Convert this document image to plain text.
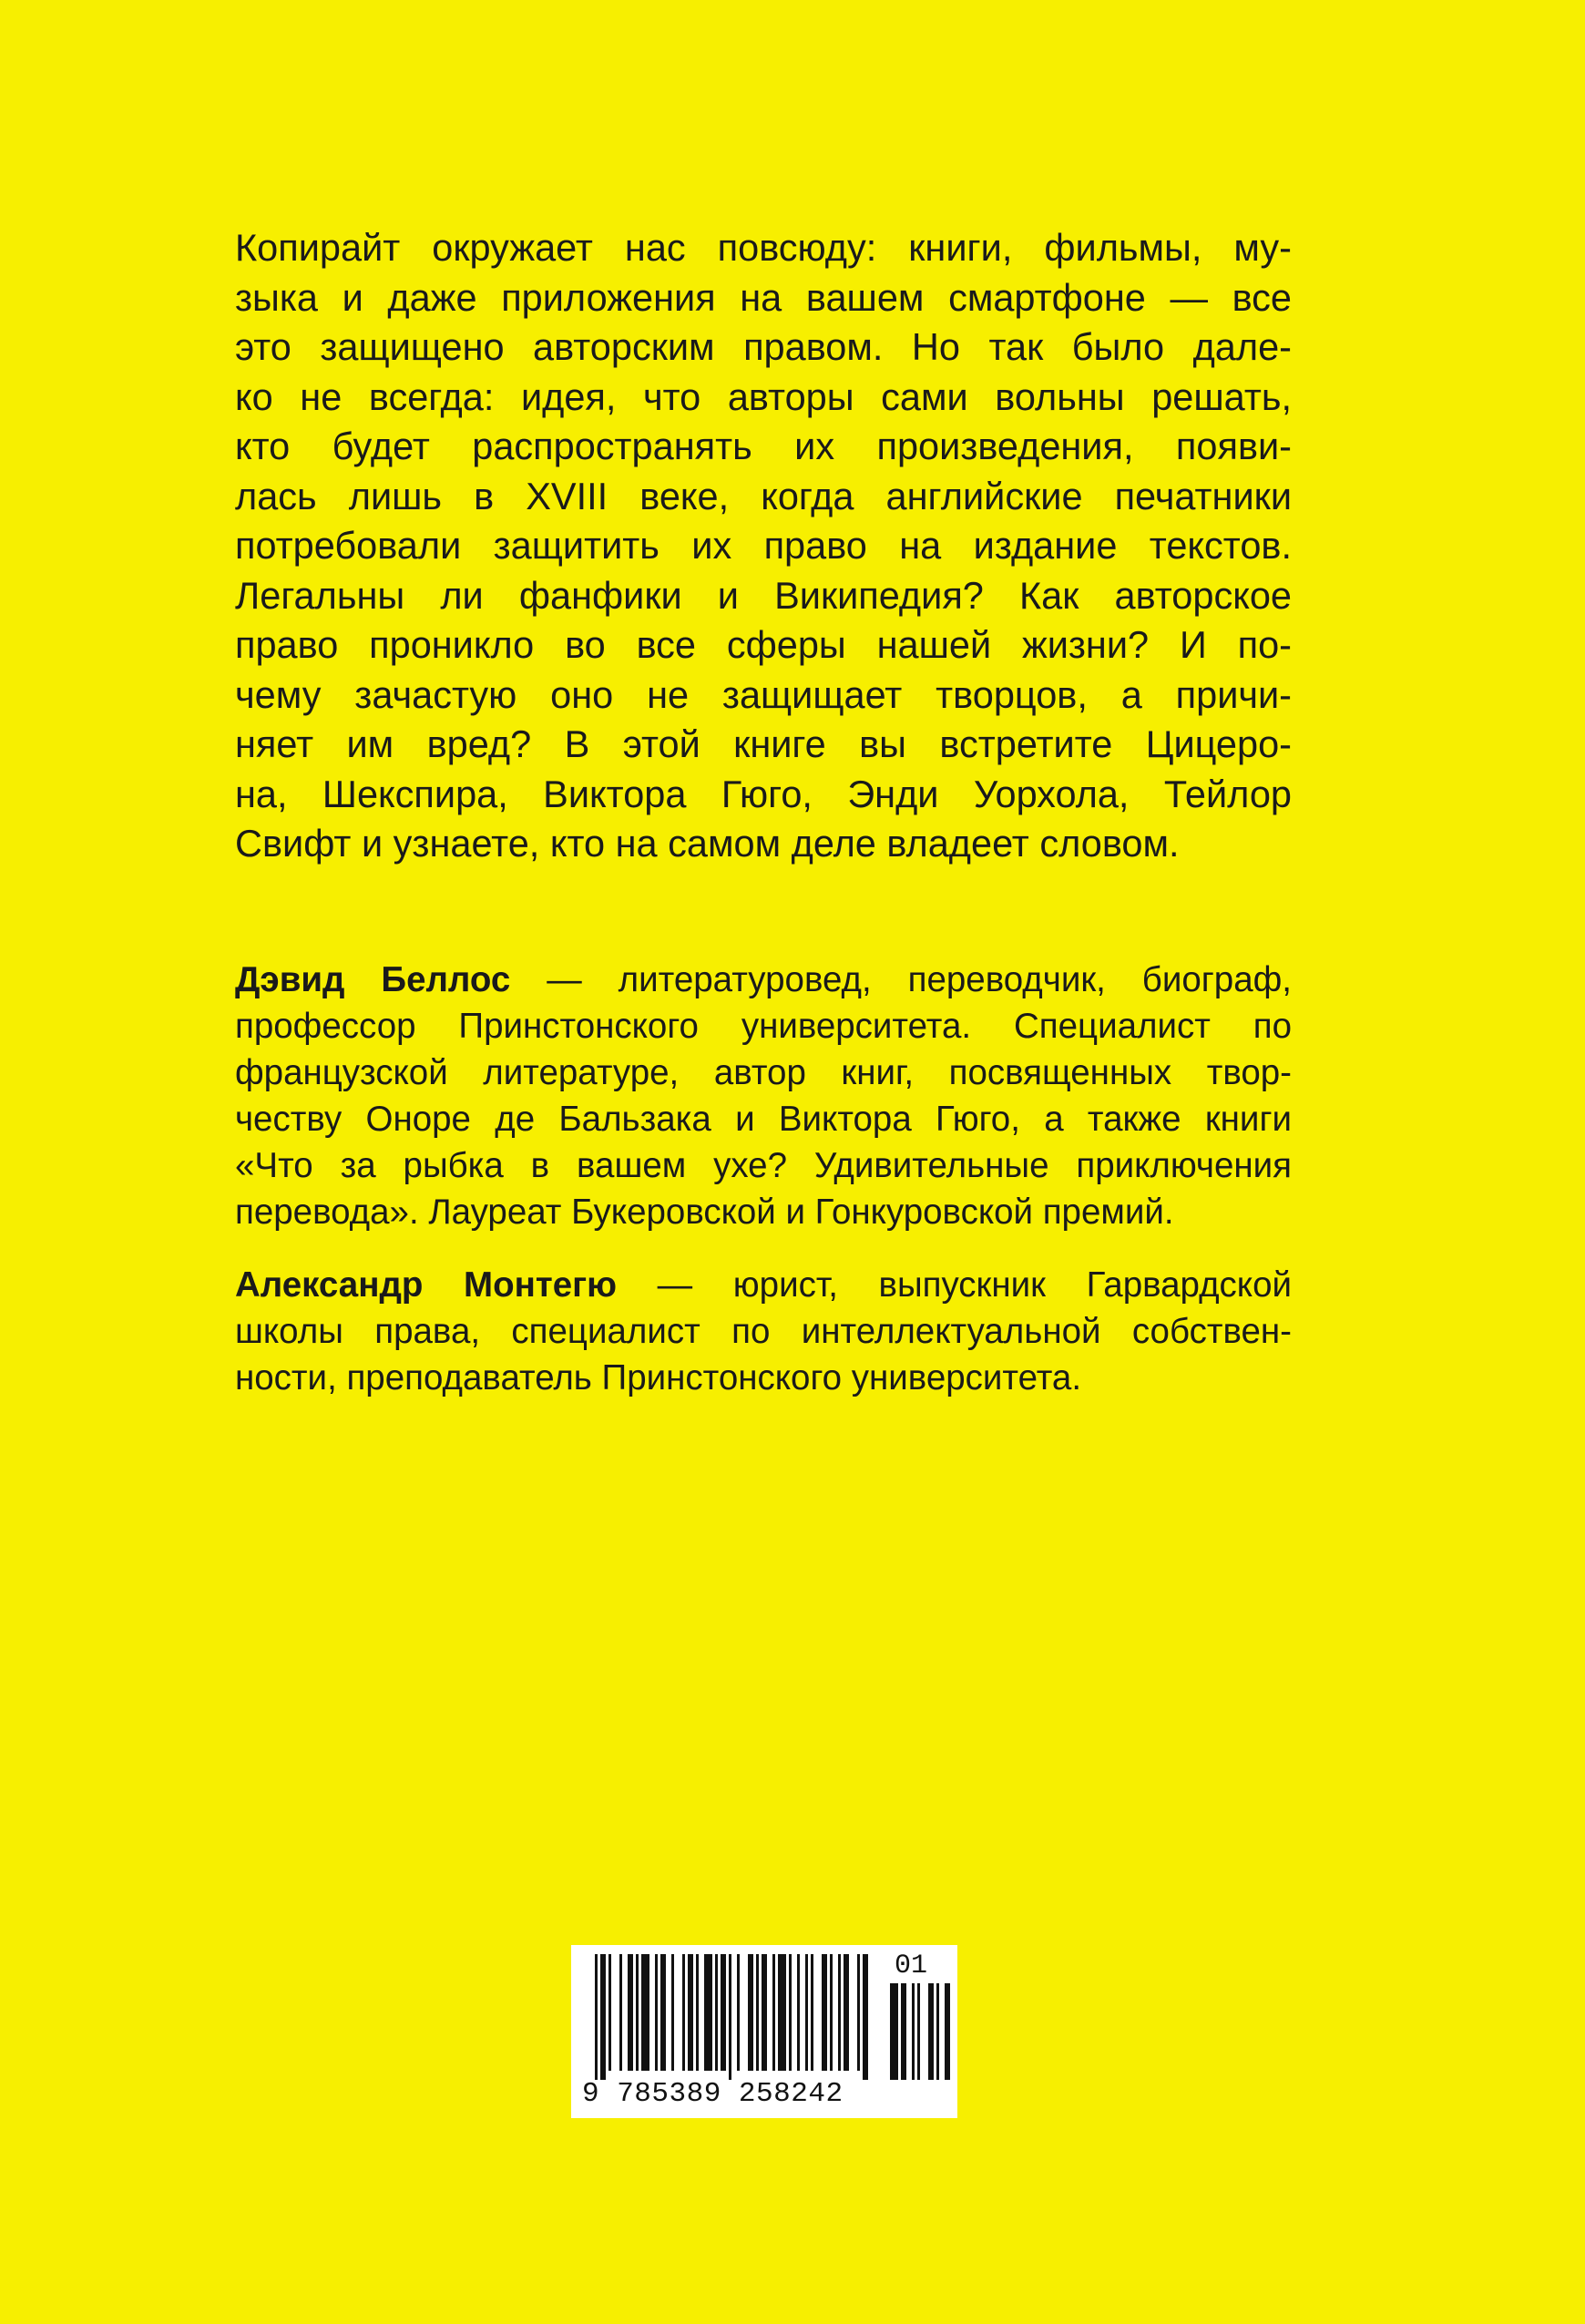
Копирайт окружает нас повсюду: книги, фильмы, му-
зыка и даже приложения на вашем смартфоне — все
это защищено авторским правом. Но так было дале-
ко не всегда: идея, что авторы сами вольны решать,
кто будет распространять их произведения, появи-
лась лишь в XVIII веке, когда английские печатники
потребовали защитить их право на издание текстов.
Легальны ли фанфики и Википедия? Как авторское
право проникло во все сферы нашей жизни? И по-
чему зачастую оно не защищает творцов, а причи-
няет им вред? В этой книге вы встретите Цицеро-
на, Шекспира, Виктора Гюго, Энди Уорхола, Тейлор
Свифт и узнаете, кто на самом деле владеет словом.
Дэвид Беллос — литературовед, переводчик, биограф,
профессор Принстонского университета. Специалист по
французской литературе, автор книг, посвященных твор-
честву Оноре де Бальзака и Виктора Гюго, а также книги
«Что за рыбка в вашем ухе? Удивительные приключения
перевода». Лауреат Букеровской и Гонкуровской премий.
Александр Монтегю — юрист, выпускник Гарвардской
школы права, специалист по интеллектуальной собствен-
ности, преподаватель Принстонского университета.
9 785389 258242
01
